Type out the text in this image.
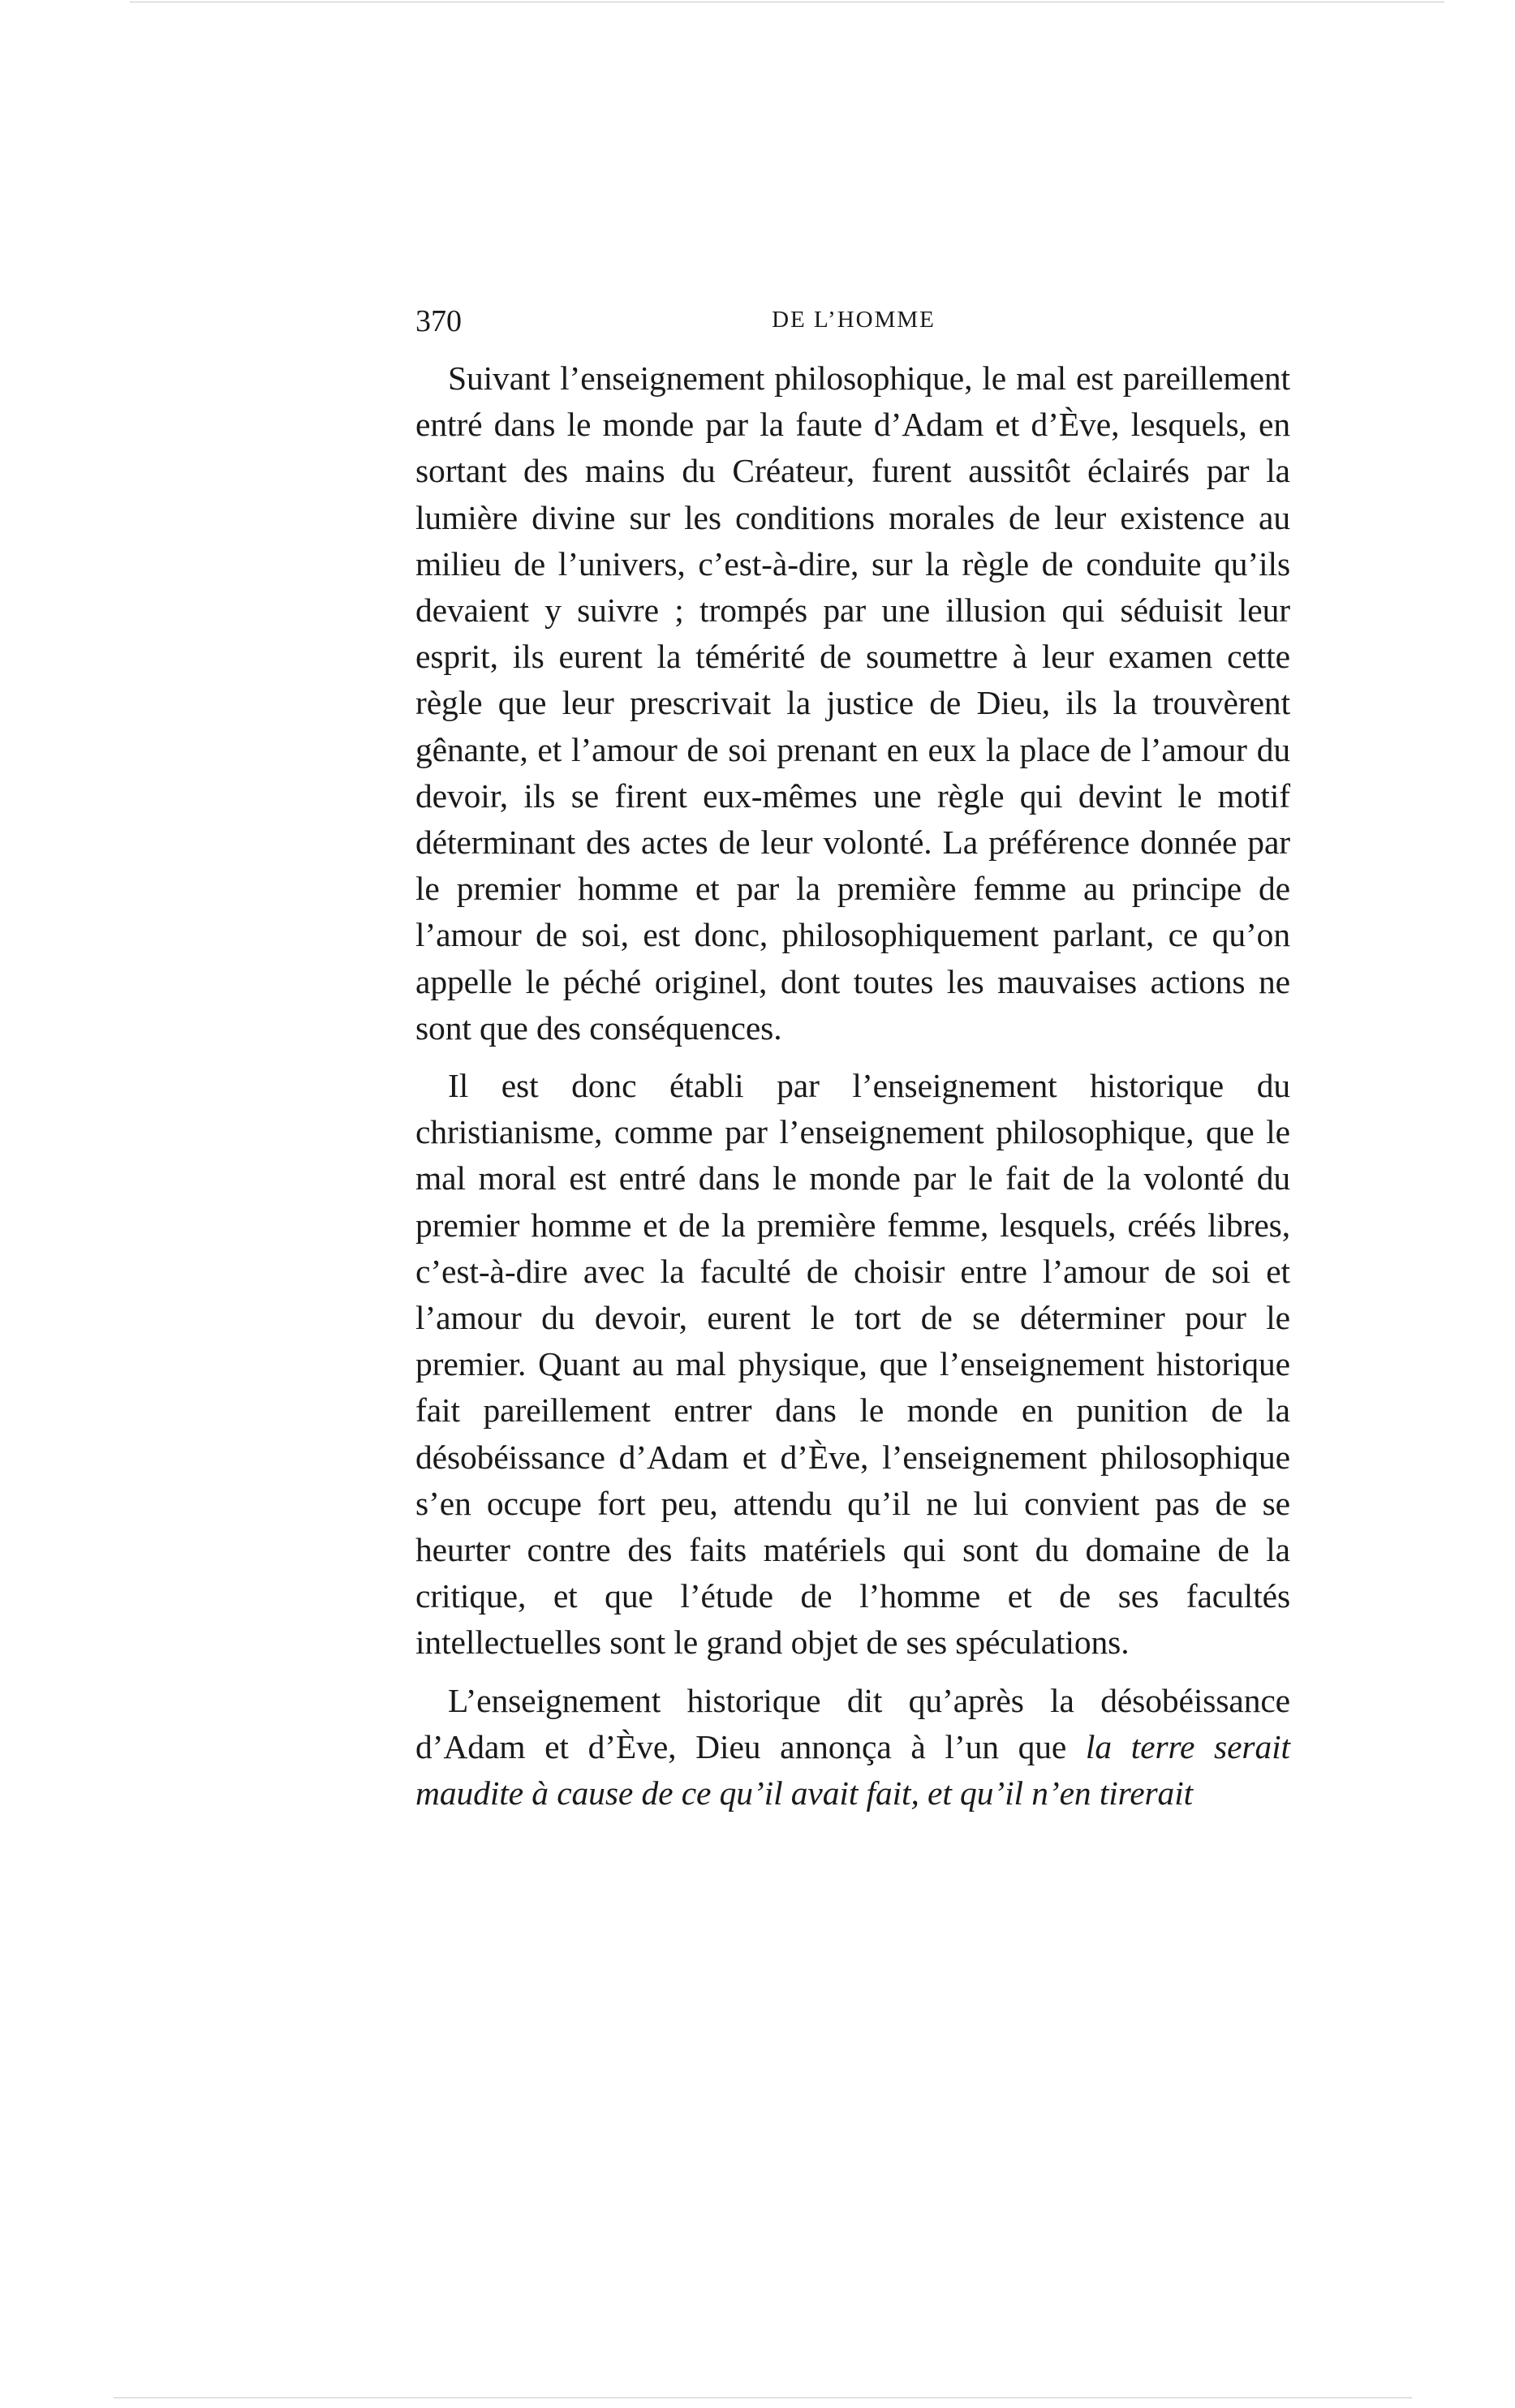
370	DE L’HOMME

Suivant l’enseignement philosophique, le mal est pareillement entré dans le monde par la faute d’Adam et d’Ève, lesquels, en sortant des mains du Créateur, furent aussitôt éclairés par la lumière divine sur les conditions morales de leur existence au milieu de l’univers, c’est-à-dire, sur la règle de conduite qu’ils devaient y suivre ; trompés par une illusion qui séduisit leur esprit, ils eurent la témérité de soumettre à leur examen cette règle que leur prescrivait la justice de Dieu, ils la trouvèrent gênante, et l’amour de soi prenant en eux la place de l’amour du devoir, ils se firent eux-mêmes une règle qui devint le motif déterminant des actes de leur volonté. La préférence donnée par le premier homme et par la première femme au principe de l’amour de soi, est donc, philosophiquement parlant, ce qu’on appelle le péché originel, dont toutes les mauvaises actions ne sont que des conséquences.

Il est donc établi par l’enseignement historique du christianisme, comme par l’enseignement philosophique, que le mal moral est entré dans le monde par le fait de la volonté du premier homme et de la première femme, lesquels, créés libres, c’est-à-dire avec la faculté de choisir entre l’amour de soi et l’amour du devoir, eurent le tort de se déterminer pour le premier. Quant au mal physique, que l’enseignement historique fait pareillement entrer dans le monde en punition de la désobéissance d’Adam et d’Ève, l’enseignement philosophique s’en occupe fort peu, attendu qu’il ne lui convient pas de se heurter contre des faits matériels qui sont du domaine de la critique, et que l’étude de l’homme et de ses facultés intellectuelles sont le grand objet de ses spéculations.

L’enseignement historique dit qu’après la désobéissance d’Adam et d’Ève, Dieu annonça à l’un que la terre serait maudite à cause de ce qu’il avait fait, et qu’il n’en tirerait
